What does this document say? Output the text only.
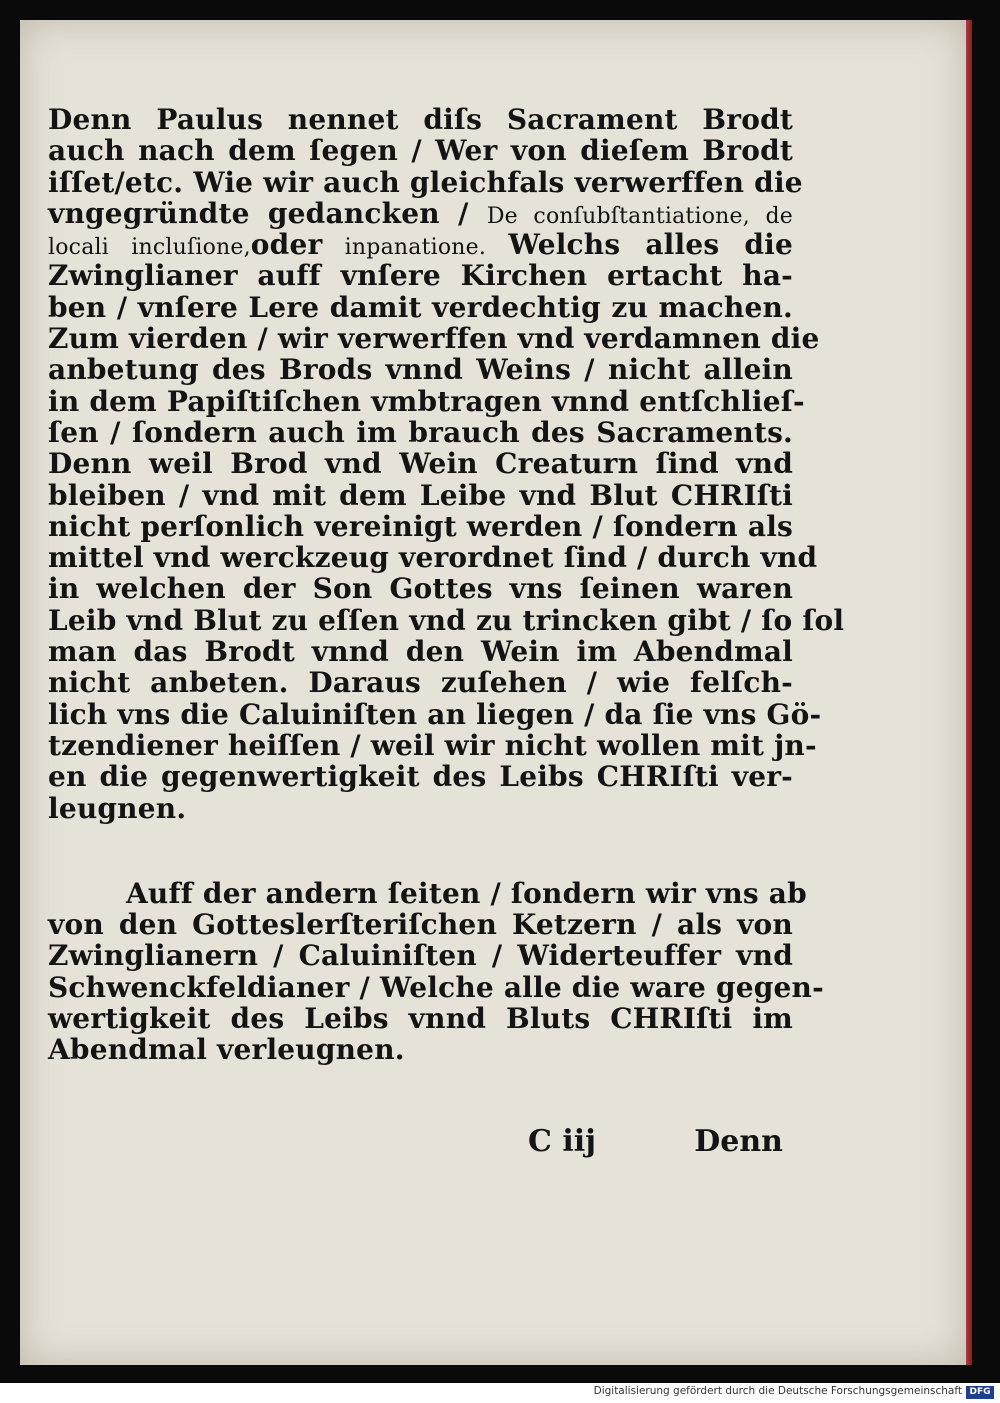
Denn Paulus nennet diſs Sacrament Brodt
auch nach dem ſegen / Wer von dieſem Brodt
iſſet/etc. Wie wir auch gleichfals verwerffen die
vngegründte gedancken / De conſubſtantiatione, de
locali incluſione,oder inpanatione. Welchs alles die
Zwinglianer auff vnſere Kirchen ertacht ha-
ben / vnſere Lere damit verdechtig zu machen.
Zum vierden / wir verwerffen vnd verdamnen die
anbetung des Brods vnnd Weins / nicht allein
in dem Papiſtiſchen vmbtragen vnnd entſchlieſ-
ſen / ſondern auch im brauch des Sacraments.
Denn weil Brod vnd Wein Creaturn ſind vnd
bleiben / vnd mit dem Leibe vnd Blut CHRIſti
nicht perſonlich vereinigt werden / ſondern als
mittel vnd werckzeug verordnet ſind / durch vnd
in welchen der Son Gottes vns ſeinen waren
Leib vnd Blut zu eſſen vnd zu trincken gibt / ſo ſol
man das Brodt vnnd den Wein im Abendmal
nicht anbeten. Daraus zuſehen / wie felſch-
lich vns die Caluiniſten an liegen / da ſie vns Gö-
tzendiener heiſſen / weil wir nicht wollen mit jn-
en die gegenwertigkeit des Leibs CHRIſti ver-
leugnen.
Auff der andern ſeiten / ſondern wir vns ab
von den Gotteslerſteriſchen Ketzern / als von
Zwinglianern / Caluiniſten / Widerteuffer vnd
Schwenckfeldianer / Welche alle die ware gegen-
wertigkeit des Leibs vnnd Bluts CHRIſti im
Abendmal verleugnen.
C iij	Denn
Digitalisierung gefördert durch die Deutsche Forschungsgemeinschaft DFG
